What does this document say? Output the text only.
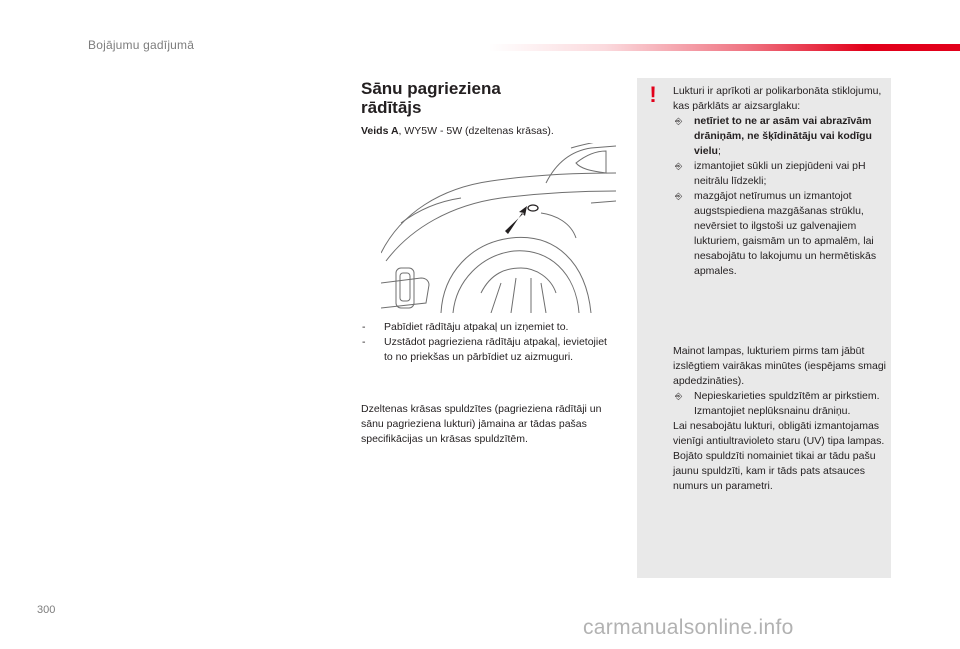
Bojājumu gadījumā
300
Sānu pagrieziena
rādītājs
Veids A, WY5W - 5W (dzeltenas krāsas).
- Pabīdiet rādītāju atpakaļ un izņemiet to.
- Uzstādot pagrieziena rādītāju atpakaļ, ievietojiet to no priekšas un pārbīdiet uz aizmuguri.
Dzeltenas krāsas spuldzītes (pagrieziena rādītāji un sānu pagrieziena lukturi) jāmaina ar tādas pašas specifikācijas un krāsas spuldzītēm.
! Lukturi ir aprīkoti ar polikarbonāta stiklojumu, kas pārklāts ar aizsarglaku:

⎆ netīriet to ne ar asām vai abrazīvām drāniņām, ne šķīdinātāju vai kodīgu vielu;

⎆ izmantojiet sūkli un ziepjūdeni vai pH neitrālu līdzekli;

⎆ mazgājot netīrumus un izmantojot augstspiediena mazgāšanas strūklu, nevērsiet to ilgstoši uz galvenajiem lukturiem, gaismām un to apmalēm, lai nesabojātu to lakojumu un hermētiskās apmales.

Mainot lampas, lukturiem pirms tam jābūt izslēgtiem vairākas minūtes (iespējams smagi apdedzināties).

⎆ Nepieskarieties spuldzītēm ar pirkstiem. Izmantojiet neplūksnainu drāniņu.

Lai nesabojātu lukturi, obligāti izmantojamas vienīgi antiultravioleto staru (UV) tipa lampas.

Bojāto spuldzīti nomainiet tikai ar tādu pašu jaunu spuldzīti, kam ir tāds pats atsauces numurs un parametri.

carmanualsonline.info
